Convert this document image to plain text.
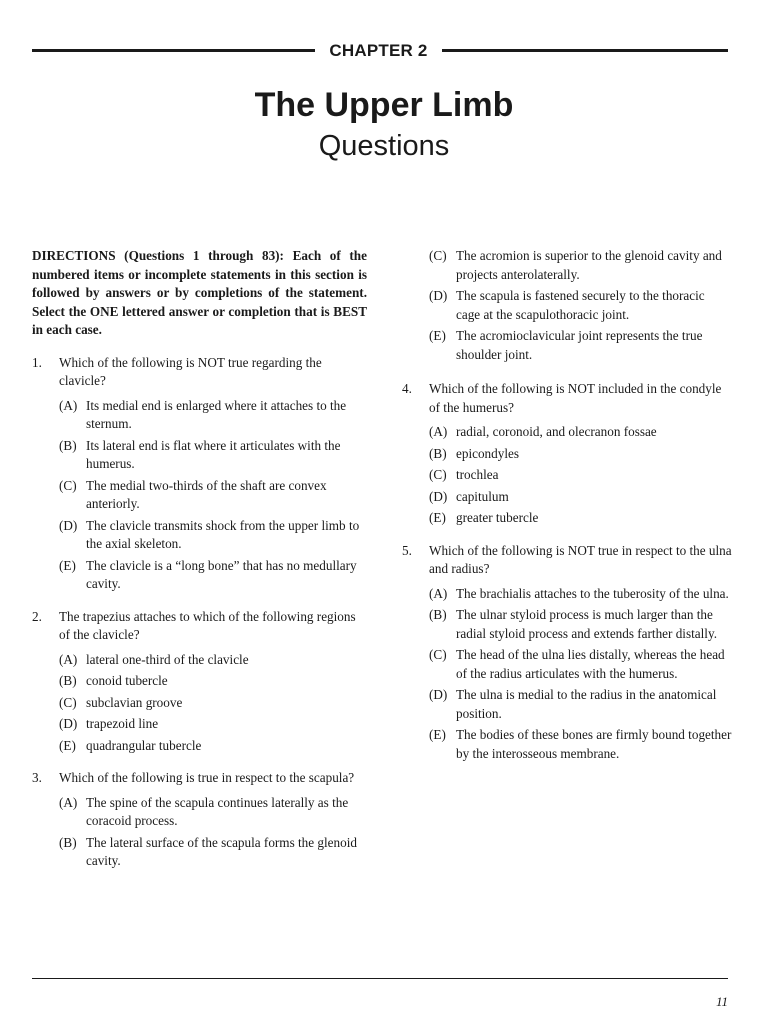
CHAPTER 2
The Upper Limb
Questions

DIRECTIONS (Questions 1 through 83): Each of the numbered items or incomplete statements in this section is followed by answers or by completions of the statement. Select the ONE lettered answer or completion that is BEST in each case.

1.	Which of the following is NOT true regarding the clavicle?
(A) Its medial end is enlarged where it attaches to the sternum.
(B) Its lateral end is flat where it articulates with the humerus.
(C) The medial two-thirds of the shaft are convex anteriorly.
(D) The clavicle transmits shock from the upper limb to the axial skeleton.
(E) The clavicle is a “long bone” that has no medullary cavity.
2.	The trapezius attaches to which of the following regions of the clavicle?
(A) lateral one-third of the clavicle
(B) conoid tubercle
(C) subclavian groove
(D) trapezoid line
(E) quadrangular tubercle
3.	Which of the following is true in respect to the scapula?
(A) The spine of the scapula continues laterally as the coracoid process.
(B) The lateral surface of the scapula forms the glenoid cavity.
(C) The acromion is superior to the glenoid cavity and projects anterolaterally.
(D) The scapula is fastened securely to the thoracic cage at the scapulothoracic joint.
(E) The acromioclavicular joint represents the true shoulder joint.
4.	Which of the following is NOT included in the condyle of the humerus?
(A) radial, coronoid, and olecranon fossae
(B) epicondyles
(C) trochlea
(D) capitulum
(E) greater tubercle
5.	Which of the following is NOT true in respect to the ulna and radius?
(A) The brachialis attaches to the tuberosity of the ulna.
(B) The ulnar styloid process is much larger than the radial styloid process and extends farther distally.
(C) The head of the ulna lies distally, whereas the head of the radius articulates with the humerus.
(D) The ulna is medial to the radius in the anatomical position.
(E) The bodies of these bones are firmly bound together by the interosseous membrane.
11
